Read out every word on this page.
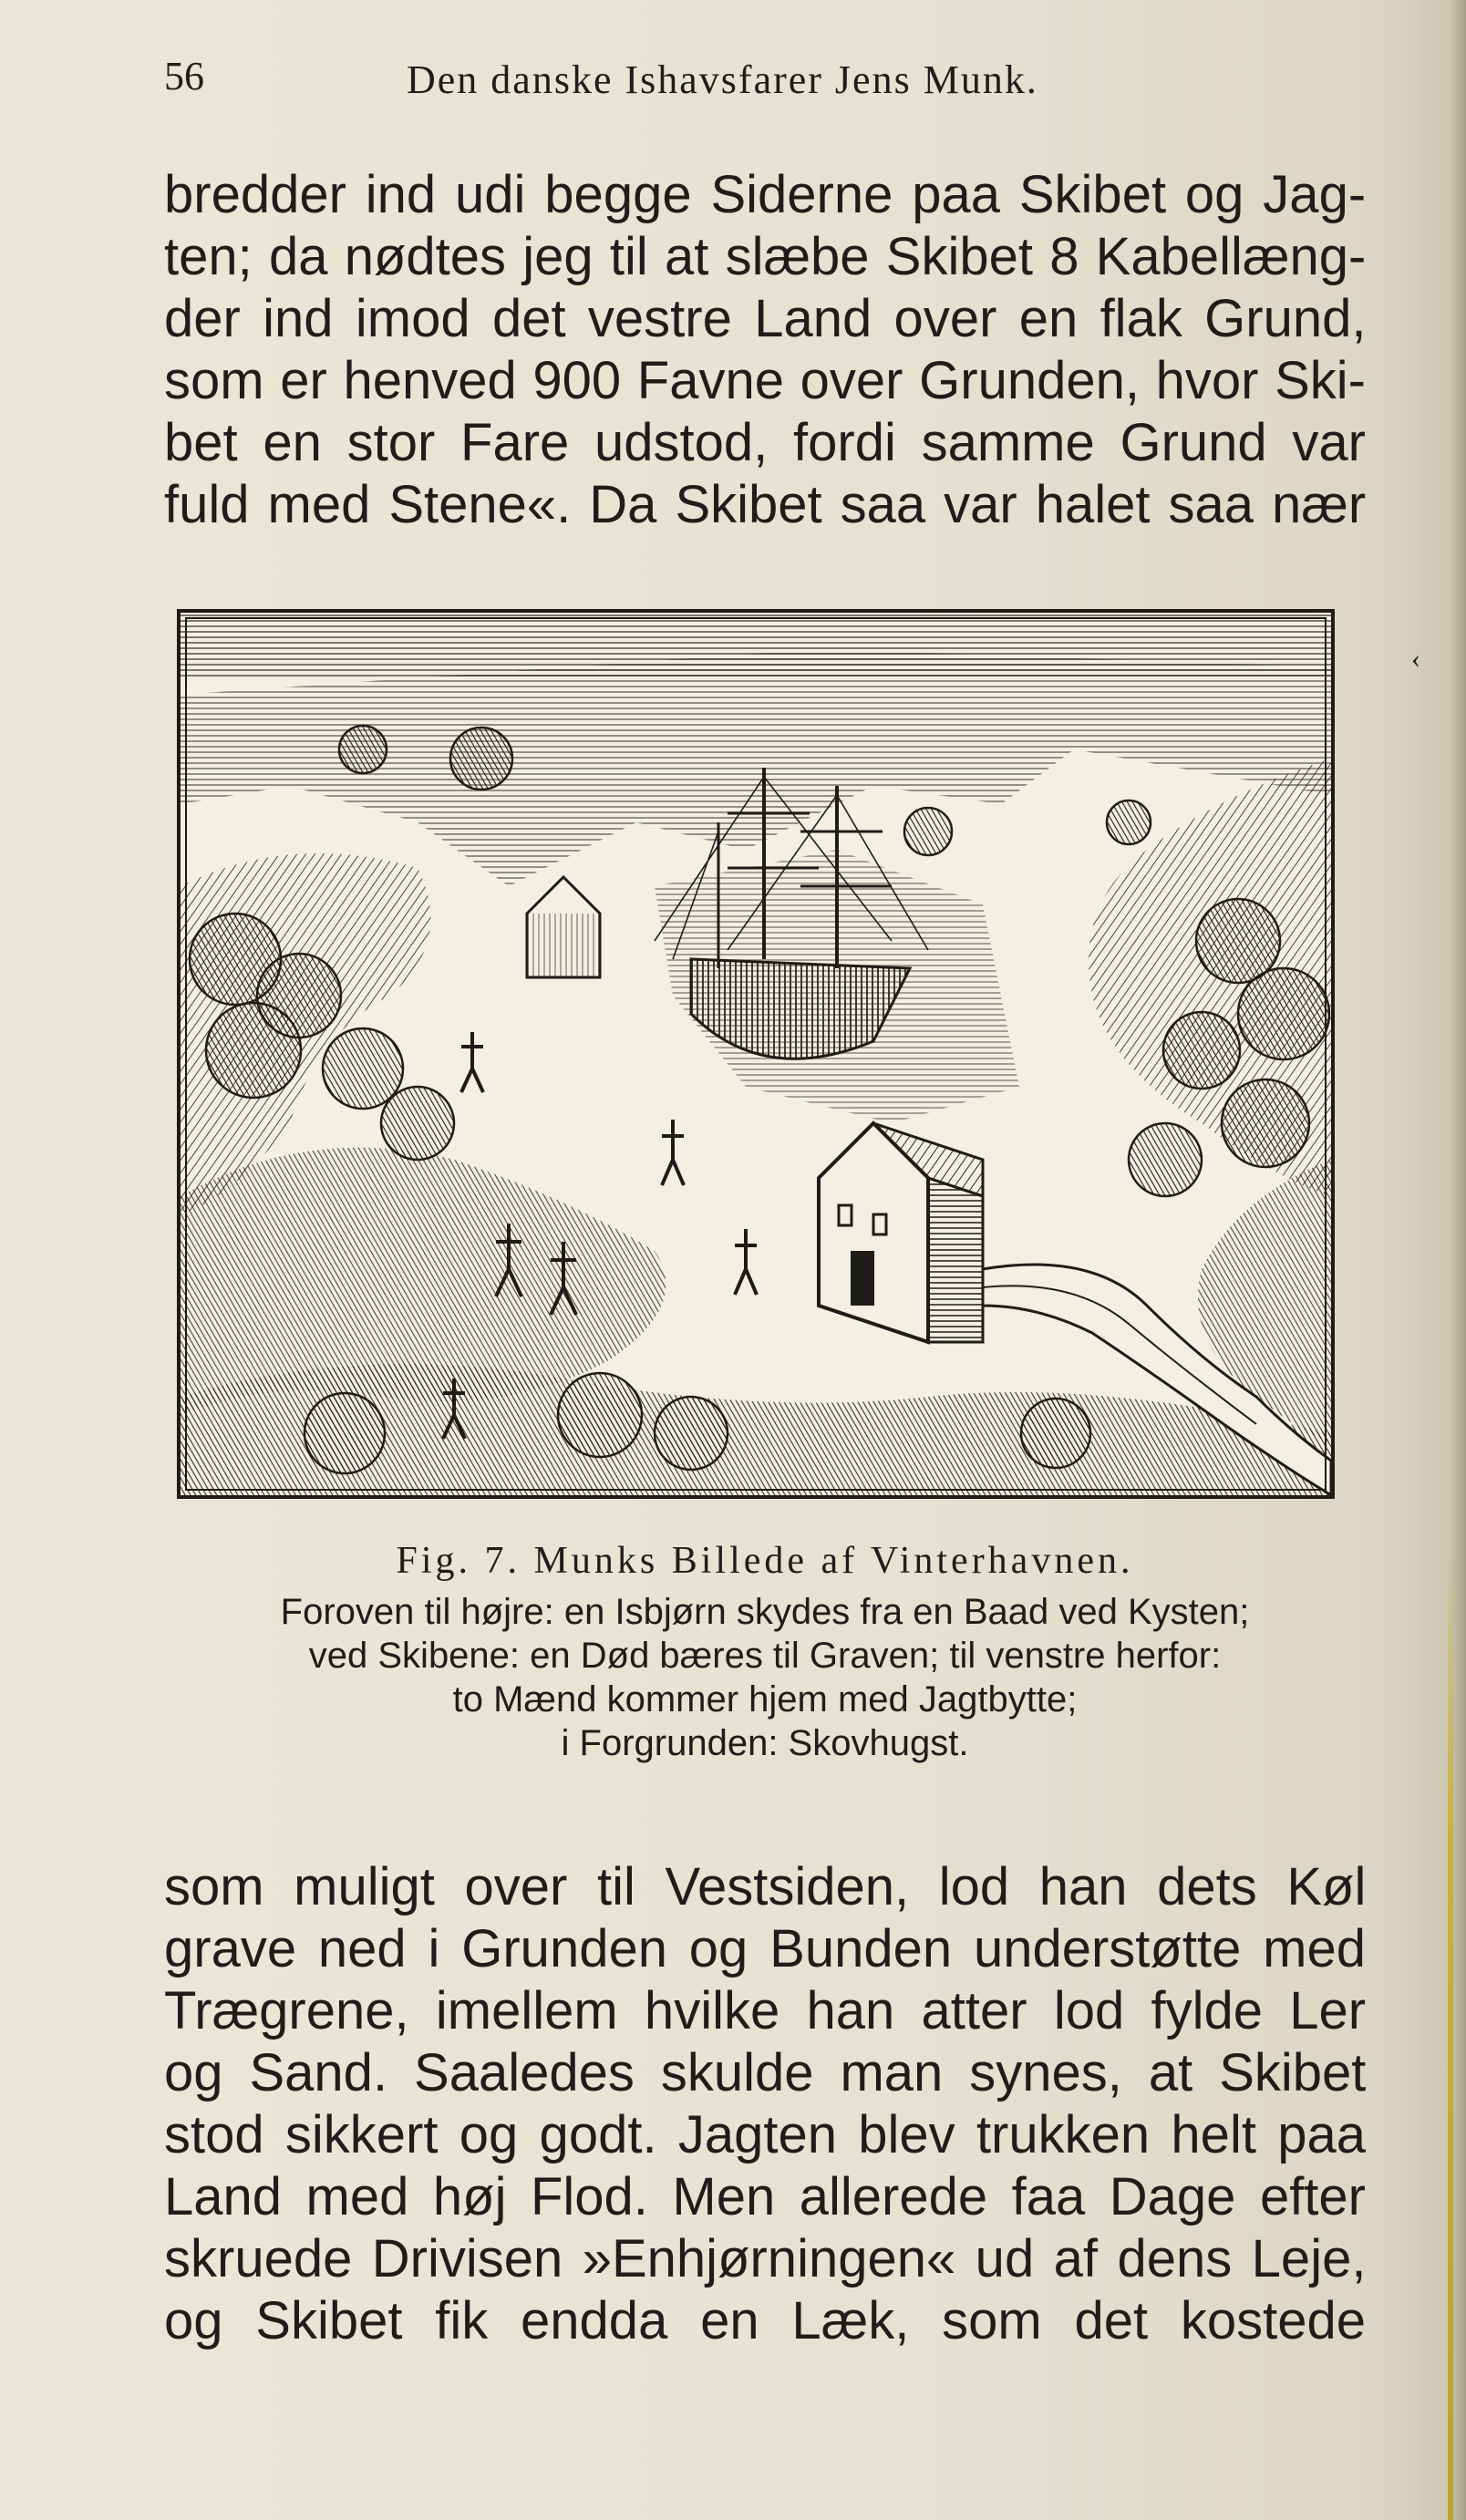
56	Den danske Ishavsfarer Jens Munk.
bredder ind udi begge Siderne paa Skibet og Jag-
ten; da nødtes jeg til at slæbe Skibet 8 Kabellæng-
der ind imod det vestre Land over en flak Grund,
som er henved 900 Favne over Grunden, hvor Ski-
bet en stor Fare udstod, fordi samme Grund var
fuld med Stene«. Da Skibet saa var halet saa nær
‹
Fig. 7. Munks Billede af Vinterhavnen.
Foroven til højre: en Isbjørn skydes fra en Baad ved Kysten;
ved Skibene: en Død bæres til Graven; til venstre herfor:
to Mænd kommer hjem med Jagtbytte;
i Forgrunden: Skovhugst.
som muligt over til Vestsiden, lod han dets Køl
grave ned i Grunden og Bunden understøtte med
Trægrene, imellem hvilke han atter lod fylde Ler
og Sand. Saaledes skulde man synes, at Skibet
stod sikkert og godt. Jagten blev trukken helt paa
Land med høj Flod. Men allerede faa Dage efter
skruede Drivisen »Enhjørningen« ud af dens Leje,
og Skibet fik endda en Læk, som det kostede
